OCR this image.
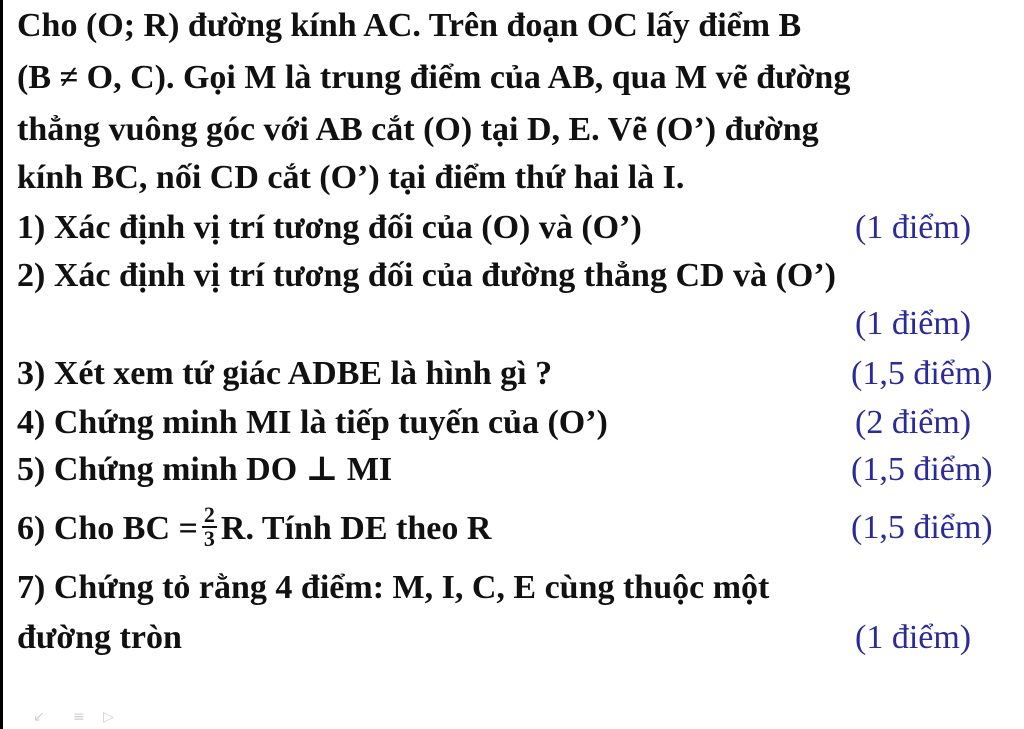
Cho (O; R) đường kính AC. Trên đoạn OC lấy điểm B
(B ≠ O, C). Gọi M là trung điểm của AB, qua M vẽ đường
thẳng vuông góc với AB cắt (O) tại D, E. Vẽ (O’) đường
kính BC, nối CD cắt (O’) tại điểm thứ hai là I.
1) Xác định vị trí tương đối của (O) và (O’)	(1 điểm)
2) Xác định vị trí tương đối của đường thẳng CD và (O’)
(1 điểm)
3) Xét xem tứ giác ADBE là hình gì ?	(1,5 điểm)
4) Chứng minh MI là tiếp tuyến của (O’)	(2 điểm)
5) Chứng minh DO ⊥ MI	(1,5 điểm)
6) Cho BC = $\frac{2}{3} R$. Tính DE theo R	(1,5 điểm)
7) Chứng tỏ rằng 4 điểm: M, I, C, E cùng thuộc một
đường tròn	(1 điểm)
↙ ≡ ▷
